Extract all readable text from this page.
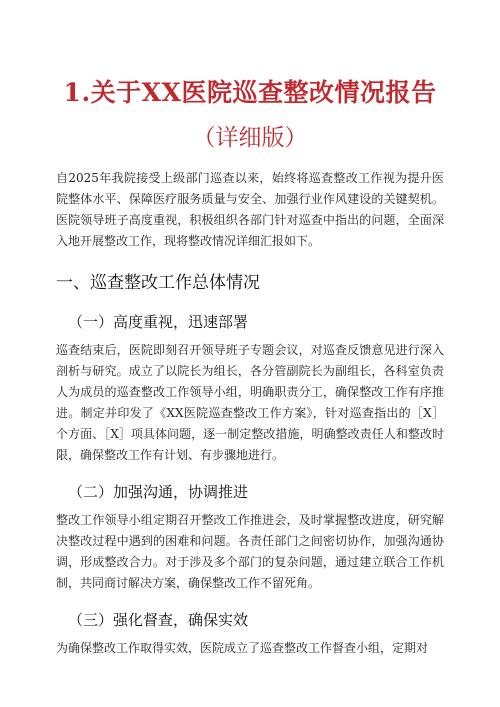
1.关于XX医院巡查整改情况报告
（详细版）

自2025年我院接受上级部门巡查以来，始终将巡查整改工作视为提升医院整体水平、保障医疗服务质量与安全、加强行业作风建设的关键契机。医院领导班子高度重视，积极组织各部门针对巡查中指出的问题，全面深入地开展整改工作，现将整改情况详细汇报如下。

一、巡查整改工作总体情况
（一）高度重视，迅速部署

巡查结束后，医院即刻召开领导班子专题会议，对巡查反馈意见进行深入剖析与研究。成立了以院长为组长，各分管副院长为副组长，各科室负责人为成员的巡查整改工作领导小组，明确职责分工，确保整改工作有序推进。制定并印发了《XX医院巡查整改工作方案》，针对巡查指出的［X］个方面、［X］项具体问题，逐一制定整改措施，明确整改责任人和整改时限，确保整改工作有计划、有步骤地进行。

（二）加强沟通，协调推进

整改工作领导小组定期召开整改工作推进会，及时掌握整改进度，研究解决整改过程中遇到的困难和问题。各责任部门之间密切协作，加强沟通协调，形成整改合力。对于涉及多个部门的复杂问题，通过建立联合工作机制，共同商讨解决方案，确保整改工作不留死角。

（三）强化督查，确保实效

为确保整改工作取得实效，医院成立了巡查整改工作督查小组，定期对
